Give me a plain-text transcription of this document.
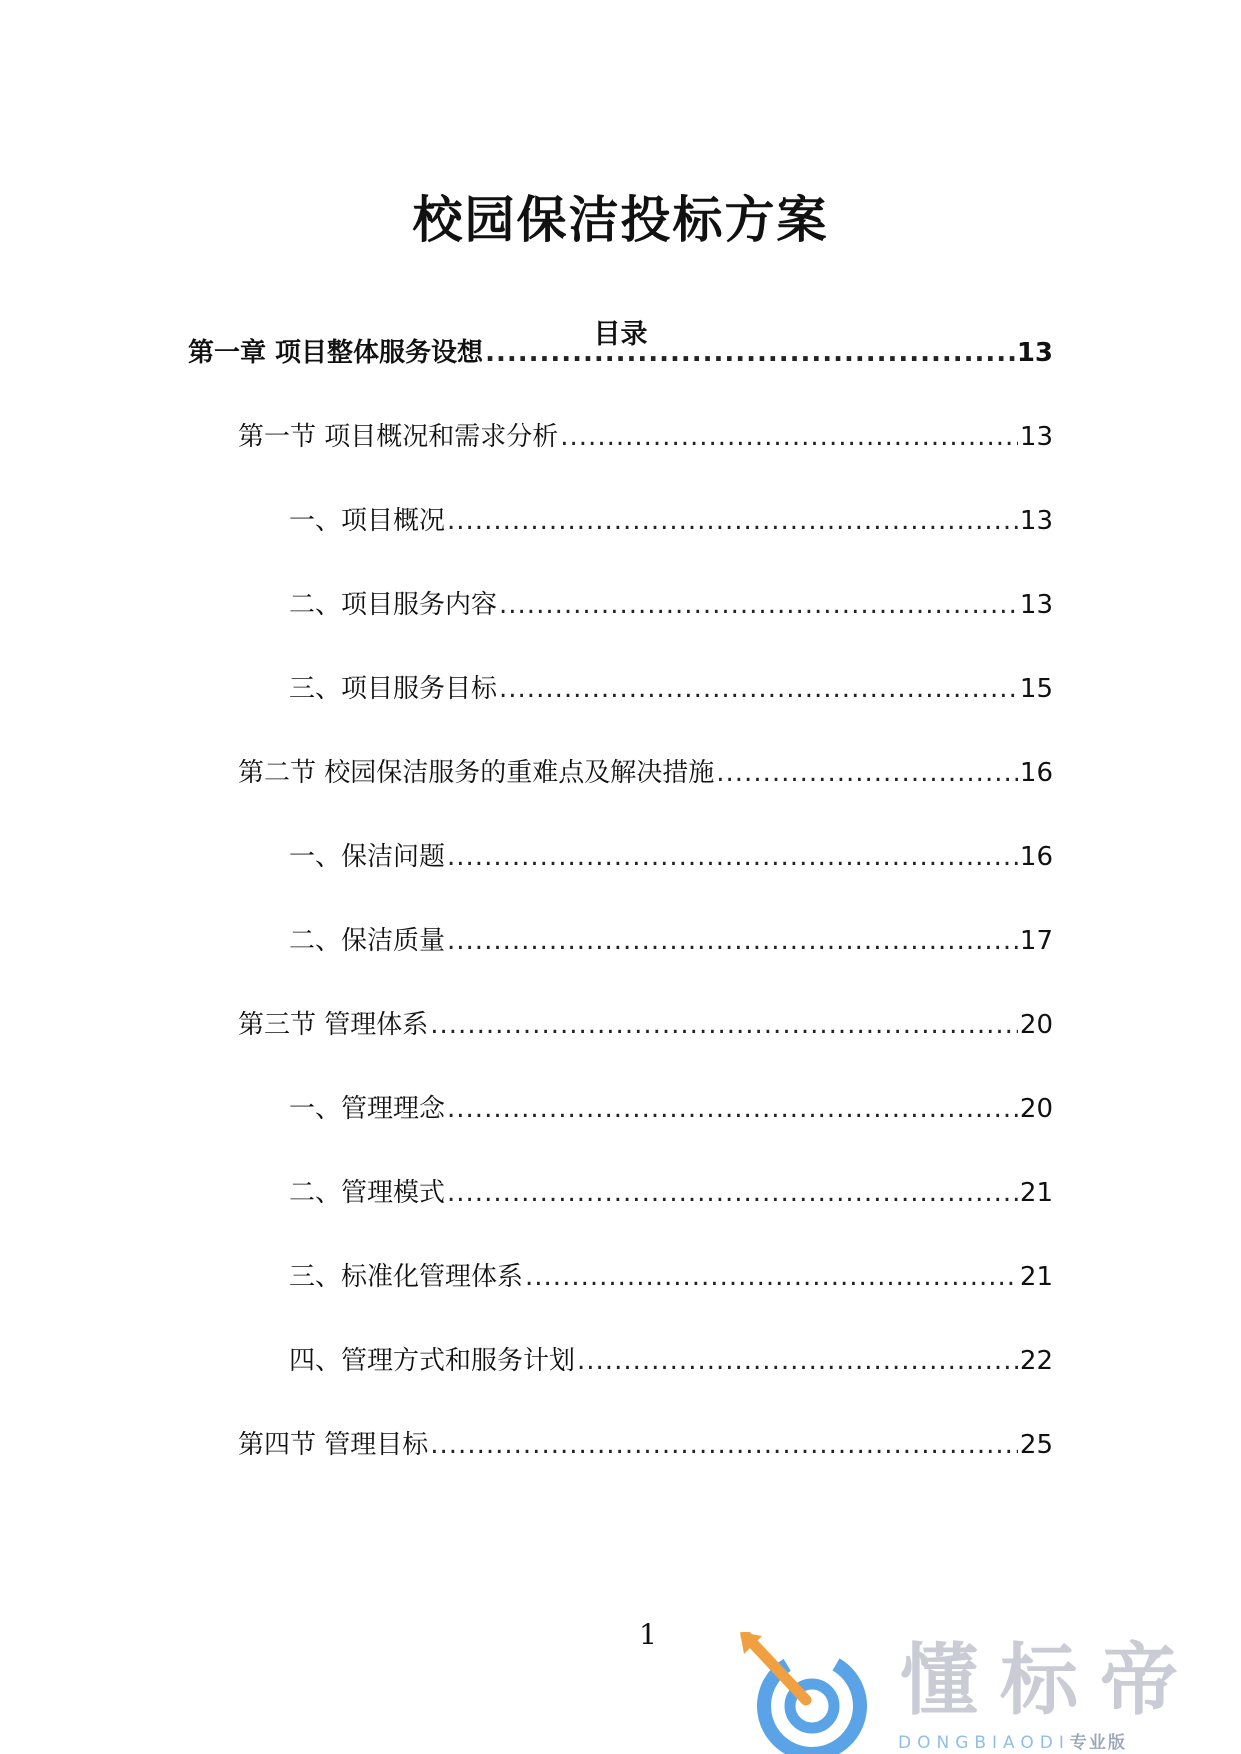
校园保洁投标方案
目录
第一章 项目整体服务设想 .....	13
第一节 项目概况和需求分析 .....	13
一、项目概况 .....	13
二、项目服务内容 .....	13
三、项目服务目标 .....	15
第二节 校园保洁服务的重难点及解决措施 .....	16
一、保洁问题 .....	16
二、保洁质量 .....	17
第三节 管理体系 .....	20
一、管理理念 .....	20
二、管理模式 .....	21
三、标准化管理体系 .....	21
四、管理方式和服务计划 .....	22
第四节 管理目标 .....	25
1
懂标帝
DONGBIAODI专业版
